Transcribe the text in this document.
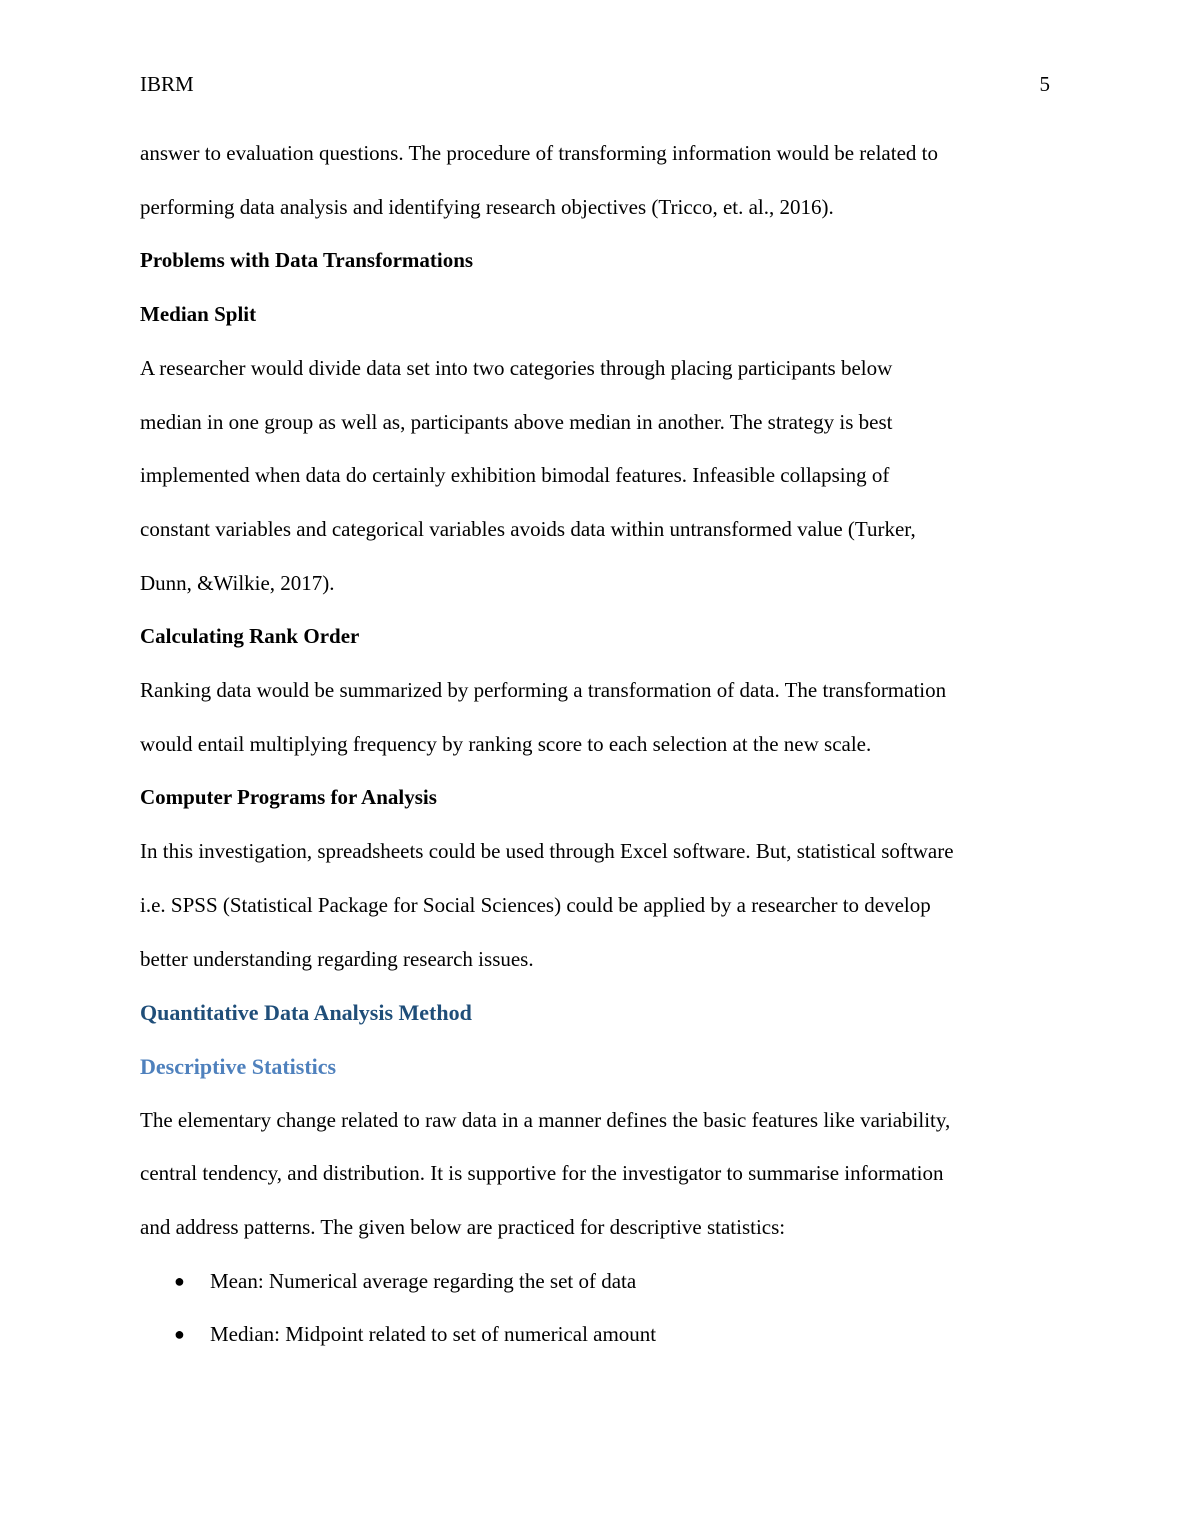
IBRM	5

answer to evaluation questions. The procedure of transforming information would be related to

performing data analysis and identifying research objectives (Tricco, et. al., 2016).

Problems with Data Transformations
Median Split

A researcher would divide data set into two categories through placing participants below

median in one group as well as, participants above median in another. The strategy is best

implemented when data do certainly exhibition bimodal features. Infeasible collapsing of

constant variables and categorical variables avoids data within untransformed value (Turker,

Dunn, &Wilkie, 2017).

Calculating Rank Order

Ranking data would be summarized by performing a transformation of data. The transformation

would entail multiplying frequency by ranking score to each selection at the new scale.

Computer Programs for Analysis

In this investigation, spreadsheets could be used through Excel software. But, statistical software

i.e. SPSS (Statistical Package for Social Sciences) could be applied by a researcher to develop

better understanding regarding research issues.

Quantitative Data Analysis Method
Descriptive Statistics

The elementary change related to raw data in a manner defines the basic features like variability,

central tendency, and distribution. It is supportive for the investigator to summarise information

and address patterns. The given below are practiced for descriptive statistics:

● Mean: Numerical average regarding the set of data
● Median: Midpoint related to set of numerical amount
